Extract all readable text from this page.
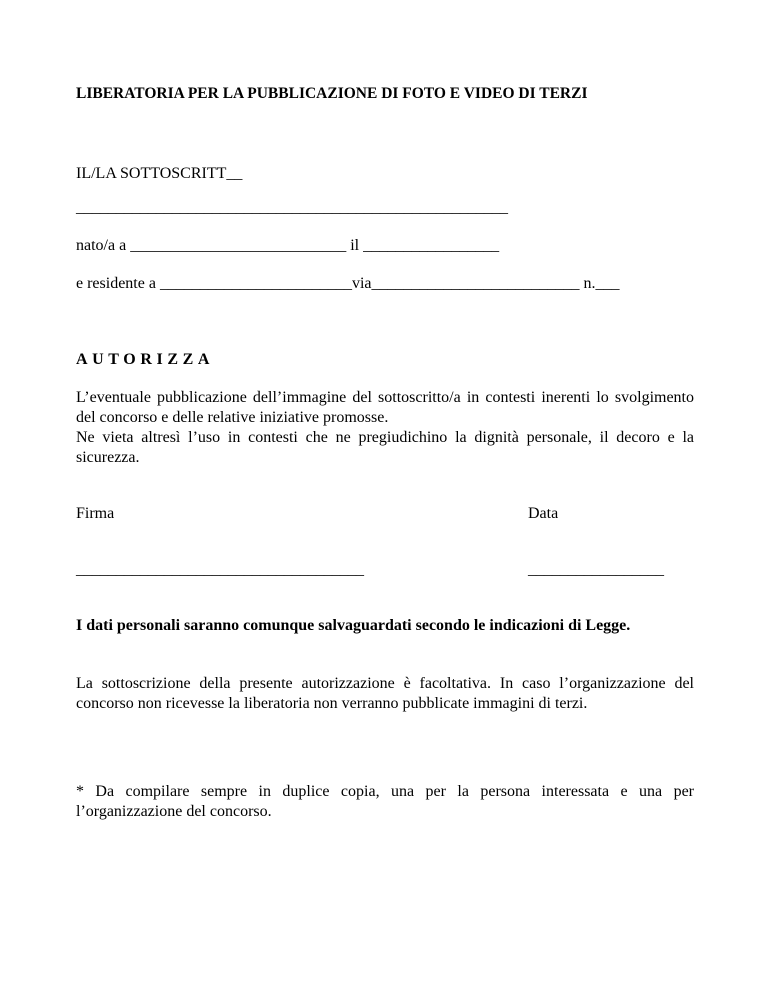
LIBERATORIA PER LA PUBBLICAZIONE DI FOTO E VIDEO DI TERZI
IL/LA SOTTOSCRITT__
______________________________________________________
nato/a a ___________________________ il _________________
e residente a ________________________via__________________________ n.___
AUTORIZZA

L’eventuale pubblicazione dell’immagine del sottoscritto/a in contesti inerenti lo svolgimento del concorso e delle relative iniziative promosse.

Ne vieta altresì l’uso in contesti che ne pregiudichino la dignità personale, il decoro e la sicurezza.

Firma	Data
____________________________________	_________________
I dati personali saranno comunque salvaguardati secondo le indicazioni di Legge.
La sottoscrizione della presente autorizzazione è facoltativa. In caso l’organizzazione del concorso non ricevesse la liberatoria non verranno pubblicate immagini di terzi.
* Da compilare sempre in duplice copia, una per la persona interessata e una per l’organizzazione del concorso.
